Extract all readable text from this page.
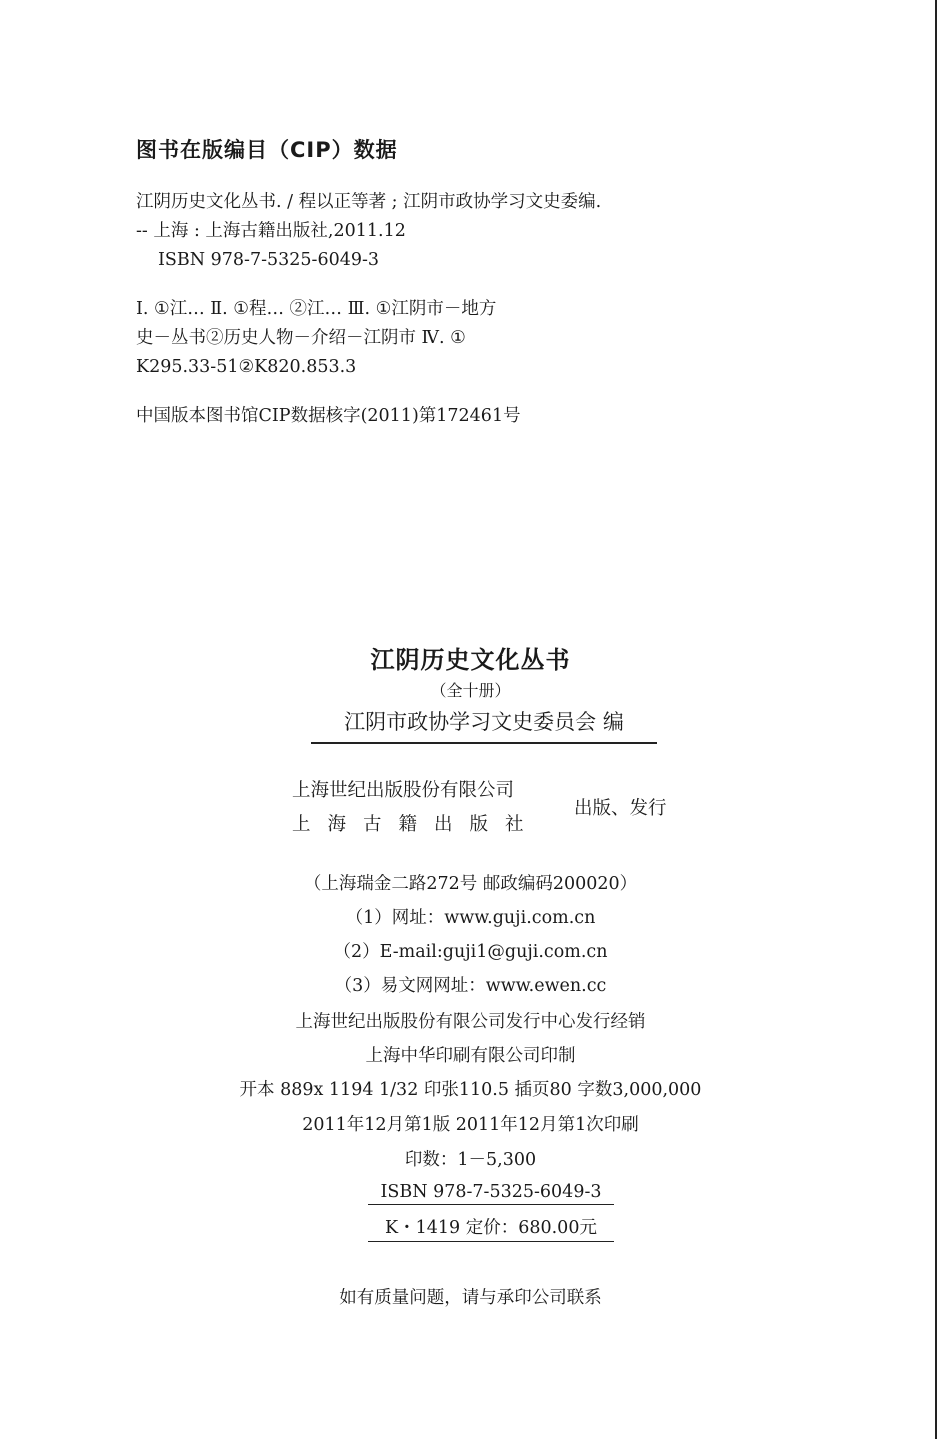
图书在版编目（CIP）数据
江阴历史文化丛书. / 程以正等著 ; 江阴市政协学习文史委编.
-- 上海 : 上海古籍出版社,2011.12
ISBN 978-7-5325-6049-3
Ⅰ. ①江… Ⅱ. ①程… ②江… Ⅲ. ①江阴市－地方
史－丛书②历史人物－介绍－江阴市 Ⅳ. ①
K295.33-51②K820.853.3
中国版本图书馆CIP数据核字(2011)第172461号
江阴历史文化丛书
（全十册）
江阴市政协学习文史委员会 编
上海世纪出版股份有限公司
上海古籍出版社
出版、发行
（上海瑞金二路272号 邮政编码200020）
（1）网址：www.guji.com.cn
（2）E-mail:guji1@guji.com.cn
（3）易文网网址：www.ewen.cc
上海世纪出版股份有限公司发行中心发行经销
上海中华印刷有限公司印制
开本 889x 1194 1/32 印张110.5 插页80 字数3,000,000
2011年12月第1版 2011年12月第1次印刷
印数：1－5,300
ISBN 978-7-5325-6049-3
K・1419 定价：680.00元
如有质量问题，请与承印公司联系
